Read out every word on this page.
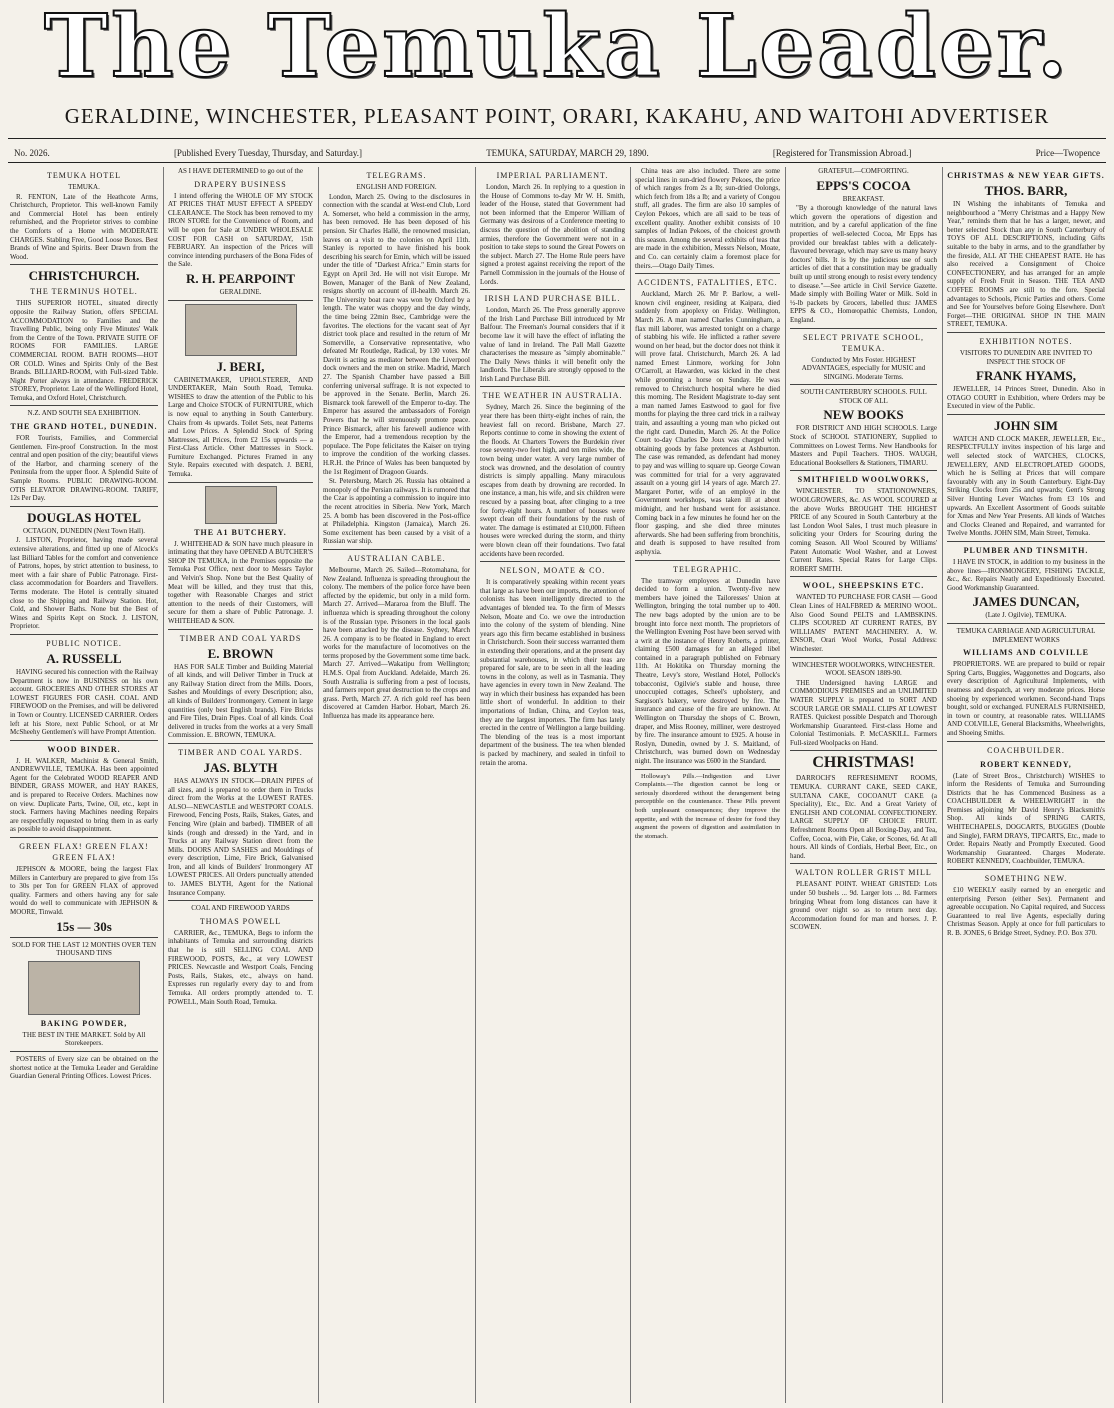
The Temuka Leader.
GERALDINE, WINCHESTER, PLEASANT POINT, ORARI, KAKAHU, AND WAITOHI ADVERTISER
No. 2026.	[Published Every Tuesday, Thursday, and Saturday.]	TEMUKA, SATURDAY, MARCH 29, 1890.	[Registered for Transmission Abroad.]	Price—Twopence

TEMUKA HOTEL

TEMUKA.

R. FENTON, Late of the Heathcote Arms, Christchurch, Proprietor. This well-known Family and Commercial Hotel has been entirely refurnished, and the Proprietor strives to combine the Comforts of a Home with MODERATE CHARGES. Stabling Free, Good Loose Boxes. Best Brands of Wine and Spirits. Beer Drawn from the Wood.

CHRISTCHURCH.

THE TERMINUS HOTEL.

THIS SUPERIOR HOTEL, situated directly opposite the Railway Station, offers SPECIAL ACCOMMODATION to Families and the Travelling Public, being only Five Minutes' Walk from the Centre of the Town. PRIVATE SUITE OF ROOMS FOR FAMILIES. LARGE COMMERCIAL ROOM. BATH ROOMS—HOT OR COLD. Wines and Spirits Only of the Best Brands. BILLIARD-ROOM, with Full-sized Table. Night Porter always in attendance. FREDERICK STOREY, Proprietor. Late of the Wellingford Hotel, Temuka, and Oxford Hotel, Christchurch.

N.Z. AND SOUTH SEA EXHIBITION.

THE GRAND HOTEL, DUNEDIN.

FOR Tourists, Families, and Commercial Gentlemen. Fire-proof Construction. In the most central and open position of the city; beautiful views of the Harbor, and charming scenery of the Peninsula from the upper floor. A Splendid Suite of Sample Rooms. PUBLIC DRAWING-ROOM. OTIS ELEVATOR DRAWING-ROOM. TARIFF, 12s Per Day.

DOUGLAS HOTEL

OCTAGON, DUNEDIN (Next Town Hall).

J. LISTON, Proprietor, having made several extensive alterations, and fitted up one of Alcock's last Billiard Tables for the comfort and convenience of Patrons, hopes, by strict attention to business, to meet with a fair share of Public Patronage. First-class accommodation for Boarders and Travellers. Terms moderate. The Hotel is centrally situated close to the Shipping and Railway Station. Hot, Cold, and Shower Baths. None but the Best of Wines and Spirits Kept on Stock. J. LISTON, Proprietor.

PUBLIC NOTICE.

A. RUSSELL

HAVING secured his connection with the Railway Department is now in BUSINESS on his own account. GROCERIES AND OTHER STORES AT LOWEST FIGURES FOR CASH. COAL AND FIREWOOD on the Premises, and will be delivered in Town or Country. LICENSED CARRIER. Orders left at his Store, next Public School, or at Mr McSheehy Gentlemen's will have Prompt Attention.

WOOD BINDER.

J. H. WALKER, Machinist & General Smith, ANDREWVILLE, TEMUKA. Has been appointed Agent for the Celebrated WOOD REAPER AND BINDER, GRASS MOWER, and HAY RAKES, and is prepared to Receive Orders. Machines now on view. Duplicate Parts, Twine, Oil, etc., kept in stock. Farmers having Machines needing Repairs are respectfully requested to bring them in as early as possible to avoid disappointment.

GREEN FLAX! GREEN FLAX! GREEN FLAX!

JEPHSON & MOORE, being the largest Flax Millers in Canterbury are prepared to give from 15s to 30s per Ton for GREEN FLAX of approved quality. Farmers and others having any for sale would do well to communicate with JEPHSON & MOORE, Tinwald.

15s — 30s

SOLD FOR THE LAST 12 MONTHS OVER TEN THOUSAND TINS

BAKING POWDER,

THE BEST IN THE MARKET. Sold by All Storekeepers.

POSTERS of Every size can be obtained on the shortest notice at the Temuka Leader and Geraldine Guardian General Printing Offices. Lowest Prices.

AS I HAVE DETERMINED to go out of the

DRAPERY BUSINESS

I intend offering the WHOLE OF MY STOCK AT PRICES THAT MUST EFFECT A SPEEDY CLEARANCE. The Stock has been removed to my IRON STORE for the Convenience of Room, and will be open for Sale at UNDER WHOLESALE COST FOR CASH on SATURDAY, 15th FEBRUARY. An inspection of the Prices will convince intending purchasers of the Bona Fides of the Sale.

R. H. PEARPOINT

GERALDINE.

J. BERI,

CABINETMAKER, UPHOLSTERER, AND UNDERTAKER, Main South Road, Temuka. WISHES to draw the attention of the Public to his Large and Choice STOCK of FURNITURE, which is now equal to anything in South Canterbury. Chairs from 4s upwards. Toilet Sets, neat Patterns and Low Prices. A Splendid Stock of Spring Mattresses, all Prices, from £2 15s upwards — a First-Class Article. Other Mattresses in Stock. Furniture Exchanged. Pictures Framed in any Style. Repairs executed with despatch. J. BERI, Temuka.

THE A1 BUTCHERY.

J. WHITEHEAD & SON have much pleasure in intimating that they have OPENED A BUTCHER'S SHOP IN TEMUKA, in the Premises opposite the Temuka Post Office, next door to Messrs Taylor and Velvin's Shop. None but the Best Quality of Meat will be killed, and they trust that this, together with Reasonable Charges and strict attention to the needs of their Customers, will secure for them a share of Public Patronage. J. WHITEHEAD & SON.

TIMBER AND COAL YARDS

E. BROWN

HAS FOR SALE Timber and Building Material of all kinds, and will Deliver Timber in Truck at any Railway Station direct from the Mills. Doors, Sashes and Mouldings of every Description; also, all kinds of Builders' Ironmongery. Cement in large quantities (only best English brands). Fire Bricks and Fire Tiles, Drain Pipes. Coal of all kinds. Coal delivered in trucks from the works at a very Small Commission. E. BROWN, TEMUKA.

TIMBER AND COAL YARDS.

JAS. BLYTH

HAS ALWAYS IN STOCK—DRAIN PIPES of all sizes, and is prepared to order them in Trucks direct from the Works at the LOWEST RATES. ALSO—NEWCASTLE and WESTPORT COALS. Firewood, Fencing Posts, Rails, Stakes, Gates, and Fencing Wire (plain and barbed). TIMBER of all kinds (rough and dressed) in the Yard, and in Trucks at any Railway Station direct from the Mills. DOORS AND SASHES and Mouldings of every description, Lime, Fire Brick, Galvanised Iron, and all kinds of Builders' Ironmongery AT LOWEST PRICES. All Orders punctually attended to. JAMES BLYTH, Agent for the National Insurance Company.

COAL AND FIREWOOD YARDS

THOMAS POWELL

CARRIER, &c., TEMUKA, Begs to inform the inhabitants of Temuka and surrounding districts that he is still SELLING COAL AND FIREWOOD, POSTS, &c., at very LOWEST PRICES. Newcastle and Westport Coals, Fencing Posts, Rails, Stakes, etc., always on hand. Expresses run regularly every day to and from Temuka. All orders promptly attended to. T. POWELL, Main South Road, Temuka.

TELEGRAMS.

ENGLISH AND FOREIGN.

London, March 25. Owing to the disclosures in connection with the scandal at West-end Club, Lord A. Somerset, who held a commission in the army, has been removed. He has been deposed of his pension. Sir Charles Hallé, the renowned musician, leaves on a visit to the colonies on April 11th. Stanley is reported to have finished his book describing his search for Emin, which will be issued under the title of "Darkest Africa." Emin starts for Egypt on April 3rd. He will not visit Europe. Mr Bowen, Manager of the Bank of New Zealand, resigns shortly on account of ill-health. March 26. The University boat race was won by Oxford by a length. The water was choppy and the day windy, the time being 22min 8sec, Cambridge were the favorites. The elections for the vacant seat of Ayr district took place and resulted in the return of Mr Somerville, a Conservative representative, who defeated Mr Routledge, Radical, by 130 votes. Mr Davitt is acting as mediator between the Liverpool dock owners and the men on strike. Madrid, March 27. The Spanish Chamber have passed a Bill conferring universal suffrage. It is not expected to be approved in the Senate. Berlin, March 26. Bismarck took farewell of the Emperor to-day. The Emperor has assured the ambassadors of Foreign Powers that he will strenuously promote peace. Prince Bismarck, after his farewell audience with the Emperor, had a tremendous reception by the populace. The Pope felicitates the Kaiser on trying to improve the condition of the working classes. H.R.H. the Prince of Wales has been banqueted by the 1st Regiment of Dragoon Guards.

St. Petersburg, March 26. Russia has obtained a monopoly of the Persian railways. It is rumored that the Czar is appointing a commission to inquire into the recent atrocities in Siberia. New York, March 25. A bomb has been discovered in the Post-office at Philadelphia. Kingston (Jamaica), March 26. Some excitement has been caused by a visit of a Russian war ship.

AUSTRALIAN CABLE.

Melbourne, March 26. Sailed—Rotomahana, for New Zealand. Influenza is spreading throughout the colony. The members of the police force have been affected by the epidemic, but only in a mild form. March 27. Arrived—Mararoa from the Bluff. The influenza which is spreading throughout the colony is of the Russian type. Prisoners in the local gaols have been attacked by the disease. Sydney, March 26. A company is to be floated in England to erect works for the manufacture of locomotives on the terms proposed by the Government some time back. March 27. Arrived—Wakatipu from Wellington; H.M.S. Opal from Auckland. Adelaide, March 26. South Australia is suffering from a pest of locusts, and farmers report great destruction to the crops and grass. Perth, March 27. A rich gold reef has been discovered at Camden Harbor. Hobart, March 26. Influenza has made its appearance here.

IMPERIAL PARLIAMENT.

London, March 26. In replying to a question in the House of Commons to-day Mr W. H. Smith, leader of the House, stated that Government had not been informed that the Emperor William of Germany was desirous of a Conference meeting to discuss the question of the abolition of standing armies, therefore the Government were not in a position to take steps to sound the Great Powers on the subject. March 27. The Home Rule peers have signed a protest against receiving the report of the Parnell Commission in the journals of the House of Lords.

IRISH LAND PURCHASE BILL.

London, March 26. The Press generally approve of the Irish Land Purchase Bill introduced by Mr Balfour. The Freeman's Journal considers that if it become law it will have the effect of inflating the value of land in Ireland. The Pall Mall Gazette characterises the measure as "simply abominable." The Daily News thinks it will benefit only the landlords. The Liberals are strongly opposed to the Irish Land Purchase Bill.

THE WEATHER IN AUSTRALIA.

Sydney, March 26. Since the beginning of the year there has been thirty-eight inches of rain, the heaviest fall on record. Brisbane, March 27. Reports continue to come in showing the extent of the floods. At Charters Towers the Burdekin river rose seventy-two feet high, and ten miles wide, the town being under water. A very large number of stock was drowned, and the desolation of country districts is simply appalling. Many miraculous escapes from death by drowning are recorded. In one instance, a man, his wife, and six children were rescued by a passing boat, after clinging to a tree for forty-eight hours. A number of houses were swept clean off their foundations by the rush of water. The damage is estimated at £10,000. Fifteen houses were wrecked during the storm, and thirty were blown clean off their foundations. Two fatal accidents have been recorded.

NELSON, MOATE & CO.

It is comparatively speaking within recent years that large as have been our imports, the attention of colonists has been intelligently directed to the advantages of blended tea. To the firm of Messrs Nelson, Moate and Co. we owe the introduction into the colony of the system of blending. Nine years ago this firm became established in business in Christchurch. Soon their success warranted them in extending their operations, and at the present day substantial warehouses, in which their teas are prepared for sale, are to be seen in all the leading towns in the colony, as well as in Tasmania. They have agencies in every town in New Zealand. The way in which their business has expanded has been little short of wonderful. In addition to their importations of Indian, China, and Ceylon teas, they are the largest importers. The firm has lately erected in the centre of Wellington a large building. The blending of the teas is a most important department of the business. The tea when blended is packed by machinery, and sealed in tinfoil to retain the aroma.

China teas are also included. There are some special lines in sun-dried flowery Pekoes, the price of which ranges from 2s a lb; sun-dried Oolongs, which fetch from 18s a lb; and a variety of Congou stuff, all grades. The firm are also 10 samples of Ceylon Pekoes, which are all said to be teas of excellent quality. Another exhibit consists of 10 samples of Indian Pekoes, of the choicest growth this season. Among the several exhibits of teas that are made in the exhibition, Messrs Nelson, Moate, and Co. can certainly claim a foremost place for theirs.—Otago Daily Times.

ACCIDENTS, FATALITIES, ETC.

Auckland, March 26. Mr P. Barlow, a well-known civil engineer, residing at Kaipara, died suddenly from apoplexy on Friday. Wellington, March 26. A man named Charles Cunningham, a flax mill laborer, was arrested tonight on a charge of stabbing his wife. He inflicted a rather severe wound on her head, but the doctor does not think it will prove fatal. Christchurch, March 26. A lad named Ernest Linmore, working for John O'Carroll, at Hawarden, was kicked in the chest while grooming a horse on Sunday. He was removed to Christchurch hospital where he died this morning. The Resident Magistrate to-day sent a man named James Eastwood to gaol for five months for playing the three card trick in a railway train, and assaulting a young man who picked out the right card. Dunedin, March 26. At the Police Court to-day Charles De Joux was charged with obtaining goods by false pretences at Ashburton. The case was remanded, as defendant had money to pay and was willing to square up. George Cowan was committed for trial for a very aggravated assault on a young girl 14 years of age. March 27. Margaret Porter, wife of an employé in the Government workshops, was taken ill at about midnight, and her husband went for assistance. Coming back in a few minutes he found her on the floor gasping, and she died three minutes afterwards. She had been suffering from bronchitis, and death is supposed to have resulted from asphyxia.

TELEGRAPHIC.

The tramway employees at Dunedin have decided to form a union. Twenty-five new members have joined the Tailoresses' Union at Wellington, bringing the total number up to 400. The new bags adopted by the union are to be brought into force next month. The proprietors of the Wellington Evening Post have been served with a writ at the instance of Henry Roberts, a printer, claiming £500 damages for an alleged libel contained in a paragraph published on February 11th. At Hokitika on Thursday morning the Theatre, Levy's store, Westland Hotel, Pollock's tobacconist, Ogilvie's stable and house, three unoccupied cottages, Scheel's upholstery, and Sargison's bakery, were destroyed by fire. The insurance and cause of the fire are unknown. At Wellington on Thursday the shops of C. Brown, draper, and Miss Rooney, milliner, were destroyed by fire. The insurance amount to £925. A house in Roslyn, Dunedin, owned by J. S. Maitland, of Christchurch, was burned down on Wednesday night. The insurance was £600 in the Standard.

Holloway's Pills.—Indigestion and Liver Complaints.—The digestion cannot be long or seriously disordered without the derangement being perceptible on the countenance. These Pills prevent both unpleasant consequences; they improve the appetite, and with the increase of desire for food they augment the powers of digestion and assimilation in the stomach.

GRATEFUL—COMFORTING.

EPPS'S COCOA

BREAKFAST.

"By a thorough knowledge of the natural laws which govern the operations of digestion and nutrition, and by a careful application of the fine properties of well-selected Cocoa, Mr Epps has provided our breakfast tables with a delicately-flavoured beverage, which may save us many heavy doctors' bills. It is by the judicious use of such articles of diet that a constitution may be gradually built up until strong enough to resist every tendency to disease."—See article in Civil Service Gazette. Made simply with Boiling Water or Milk. Sold in ½-lb packets by Grocers, labelled thus: JAMES EPPS & CO., Homœopathic Chemists, London, England.

SELECT PRIVATE SCHOOL, TEMUKA.

Conducted by Mrs Foster. HIGHEST ADVANTAGES, especially for MUSIC and SINGING. Moderate Terms.

SOUTH CANTERBURY SCHOOLS. FULL STOCK OF ALL

NEW BOOKS

FOR DISTRICT AND HIGH SCHOOLS. Large Stock of SCHOOL STATIONERY, Supplied to Committees on Lowest Terms. New Handbooks for Masters and Pupil Teachers. THOS. WAUGH, Educational Booksellers & Stationers, TIMARU.

SMITHFIELD WOOLWORKS,

WINCHESTER. TO STATIONOWNERS, WOOLGROWERS, &c. AS WOOL SCOURED at the above Works BROUGHT THE HIGHEST PRICE of any Scoured in South Canterbury at the last London Wool Sales, I trust much pleasure in soliciting your Orders for Scouring during the coming Season. All Wool Scoured by Williams' Patent Automatic Wool Washer, and at Lowest Current Rates. Special Rates for Large Clips. ROBERT SMITH.

WOOL, SHEEPSKINS ETC.

WANTED TO PURCHASE FOR CASH — Good Clean Lines of HALFBRED & MERINO WOOL. Also Good Sound PELTS and LAMBSKINS. CLIPS SCOURED AT CURRENT RATES, BY WILLIAMS' PATENT MACHINERY. A. W. ENSOR, Orari Wool Works, Postal Address: Winchester.

WINCHESTER WOOLWORKS, WINCHESTER. WOOL SEASON 1889-90.

THE Undersigned having LARGE and COMMODIOUS PREMISES and an UNLIMITED WATER SUPPLY is prepared to SORT AND SCOUR LARGE OR SMALL CLIPS AT LOWEST RATES. Quickest possible Despatch and Thorough Workmanship Guaranteed. First-class Home and Colonial Testimonials. P. McCASKILL. Farmers Full-sized Woolpacks on Hand.

CHRISTMAS!

DARROCH'S REFRESHMENT ROOMS, TEMUKA. CURRANT CAKE, SEED CAKE, SULTANA CAKE, COCOANUT CAKE (a Speciality), Etc., Etc. And a Great Variety of ENGLISH AND COLONIAL CONFECTIONERY. LARGE SUPPLY OF CHOICE FRUIT. Refreshment Rooms Open all Boxing-Day, and Tea, Coffee, Cocoa, with Pie, Cake, or Scones, 6d. At all hours. All kinds of Cordials, Herbal Beer, Etc., on hand.

WALTON ROLLER GRIST MILL

PLEASANT POINT. WHEAT GRISTED: Lots under 50 bushels ... 9d. Larger lots ... 8d. Farmers bringing Wheat from long distances can have it ground over night so as to return next day. Accommodation found for man and horses. J. P. SCOWEN.

CHRISTMAS & NEW YEAR GIFTS.

THOS. BARR,

IN Wishing the inhabitants of Temuka and neighbourhood a "Merry Christmas and a Happy New Year," reminds them that he has a larger, newer, and better selected Stock than any in South Canterbury of TOYS OF ALL DESCRIPTIONS, including Gifts suitable to the baby in arms, and to the grandfather by the fireside, ALL AT THE CHEAPEST RATE. He has also received a Consignment of Choice CONFECTIONERY, and has arranged for an ample supply of Fresh Fruit in Season. THE TEA AND COFFEE ROOMS are still to the fore. Special advantages to Schools, Picnic Parties and others. Come and See for Yourselves before Going Elsewhere. Don't Forget—THE ORIGINAL SHOP IN THE MAIN STREET, TEMUKA.

EXHIBITION NOTES.

VISITORS TO DUNEDIN ARE INVITED TO INSPECT THE STOCK OF

FRANK HYAMS,

JEWELLER, 14 Princes Street, Dunedin. Also in OTAGO COURT in Exhibition, where Orders may be Executed in view of the Public.

JOHN SIM

WATCH AND CLOCK MAKER, JEWELLER, Etc., RESPECTFULLY invites inspection of his large and well selected stock of WATCHES, CLOCKS, JEWELLERY, AND ELECTROPLATED GOODS, which he is Selling at Prices that will compare favourably with any in South Canterbury. Eight-Day Striking Clocks from 25s and upwards; Gent's Strong Silver Hunting Lever Watches from £3 10s and upwards. An Excellent Assortment of Goods suitable for Xmas and New Year Presents. All kinds of Watches and Clocks Cleaned and Repaired, and warranted for Twelve Months. JOHN SIM, Main Street, Temuka.

PLUMBER AND TINSMITH.

I HAVE IN STOCK, in addition to my business in the above lines—IRONMONGERY, FISHING TACKLE, &c., &c. Repairs Neatly and Expeditiously Executed. Good Workmanship Guaranteed.

JAMES DUNCAN,

(Late J. Ogilvie), TEMUKA.

TEMUKA CARRIAGE AND AGRICULTURAL IMPLEMENT WORKS

WILLIAMS AND COLVILLE

PROPRIETORS. WE are prepared to build or repair Spring Carts, Buggies, Waggonettes and Dogcarts, also every description of Agricultural Implements, with neatness and despatch, at very moderate prices. Horse shoeing by experienced workmen. Second-hand Traps bought, sold or exchanged. FUNERALS FURNISHED, in town or country, at reasonable rates. WILLIAMS AND COLVILLE, General Blacksmiths, Wheelwrights, and Shoeing Smiths.

COACHBUILDER.

ROBERT KENNEDY,

(Late of Street Bros., Christchurch) WISHES to inform the Residents of Temuka and Surrounding Districts that he has Commenced Business as a COACHBUILDER & WHEELWRIGHT in the Premises adjoining Mr David Henry's Blacksmith's Shop. All kinds of SPRING CARTS, WHITECHAPELS, DOGCARTS, BUGGIES (Double and Single), FARM DRAYS, TIPCARTS, Etc., made to Order. Repairs Neatly and Promptly Executed. Good Workmanship Guaranteed. Charges Moderate. ROBERT KENNEDY, Coachbuilder, TEMUKA.

SOMETHING NEW.

£10 WEEKLY easily earned by an energetic and enterprising Person (either Sex). Permanent and agreeable occupation. No Capital required, and Success Guaranteed to real live Agents, especially during Christmas Season. Apply at once for full particulars to R. B. JONES, 6 Bridge Street, Sydney. P.O. Box 370.
